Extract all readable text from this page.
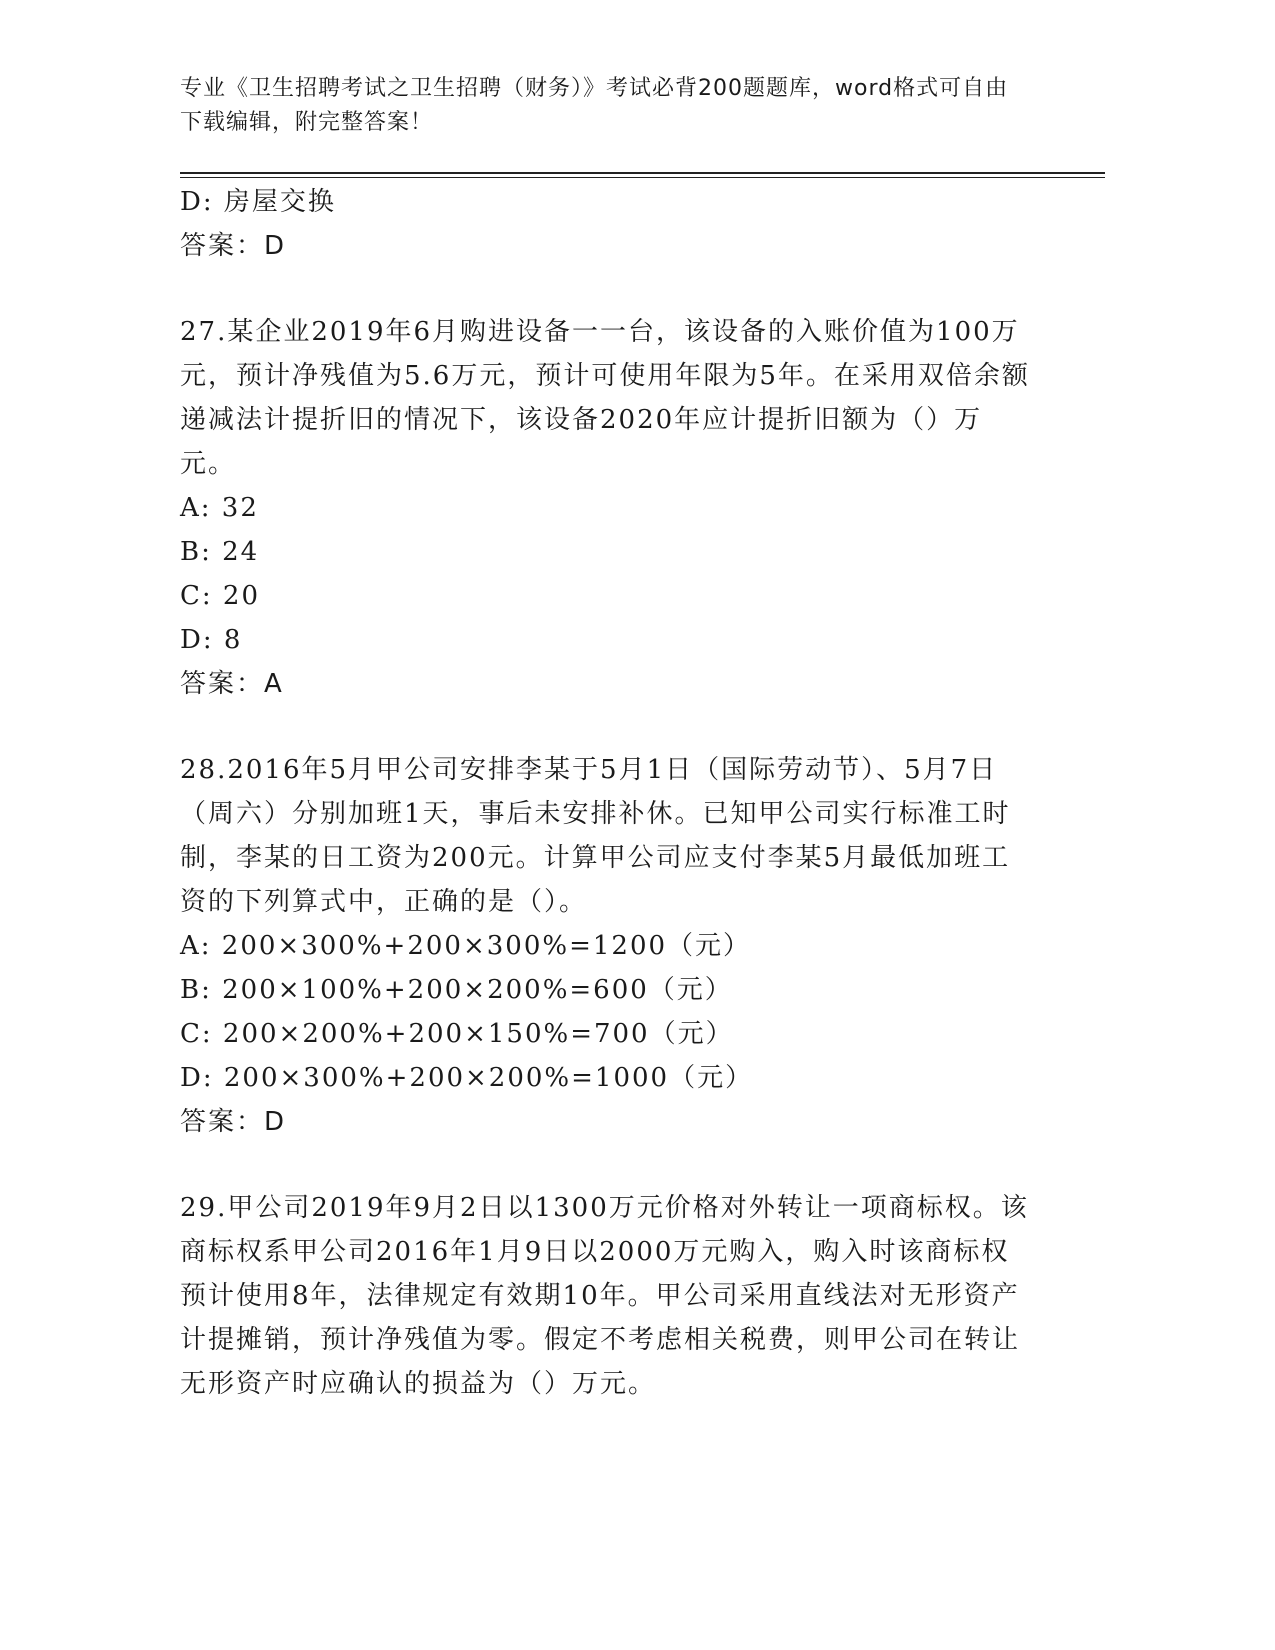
专业《卫生招聘考试之卫生招聘（财务）》考试必背200题题库，word格式可自由下载编辑，附完整答案！
D: 房屋交换
答案：D
27.某企业2019年6月购进设备一一台，该设备的入账价值为100万元，预计净残值为5.6万元，预计可使用年限为5年。在采用双倍余额递减法计提折旧的情况下，该设备2020年应计提折旧额为（）万元。
A: 32
B: 24
C: 20
D: 8
答案：A
28.2016年5月甲公司安排李某于5月1日（国际劳动节）、5月7日（周六）分别加班1天，事后未安排补休。已知甲公司实行标准工时制，李某的日工资为200元。计算甲公司应支付李某5月最低加班工资的下列算式中，正确的是（）。
A: 200×300%+200×300%=1200（元）
B: 200×100%+200×200%=600（元）
C: 200×200%+200×150%=700（元）
D: 200×300%+200×200%=1000（元）
答案：D
29.甲公司2019年9月2日以1300万元价格对外转让一项商标权。该商标权系甲公司2016年1月9日以2000万元购入，购入时该商标权预计使用8年，法律规定有效期10年。甲公司采用直线法对无形资产计提摊销，预计净残值为零。假定不考虑相关税费，则甲公司在转让无形资产时应确认的损益为（）万元。
